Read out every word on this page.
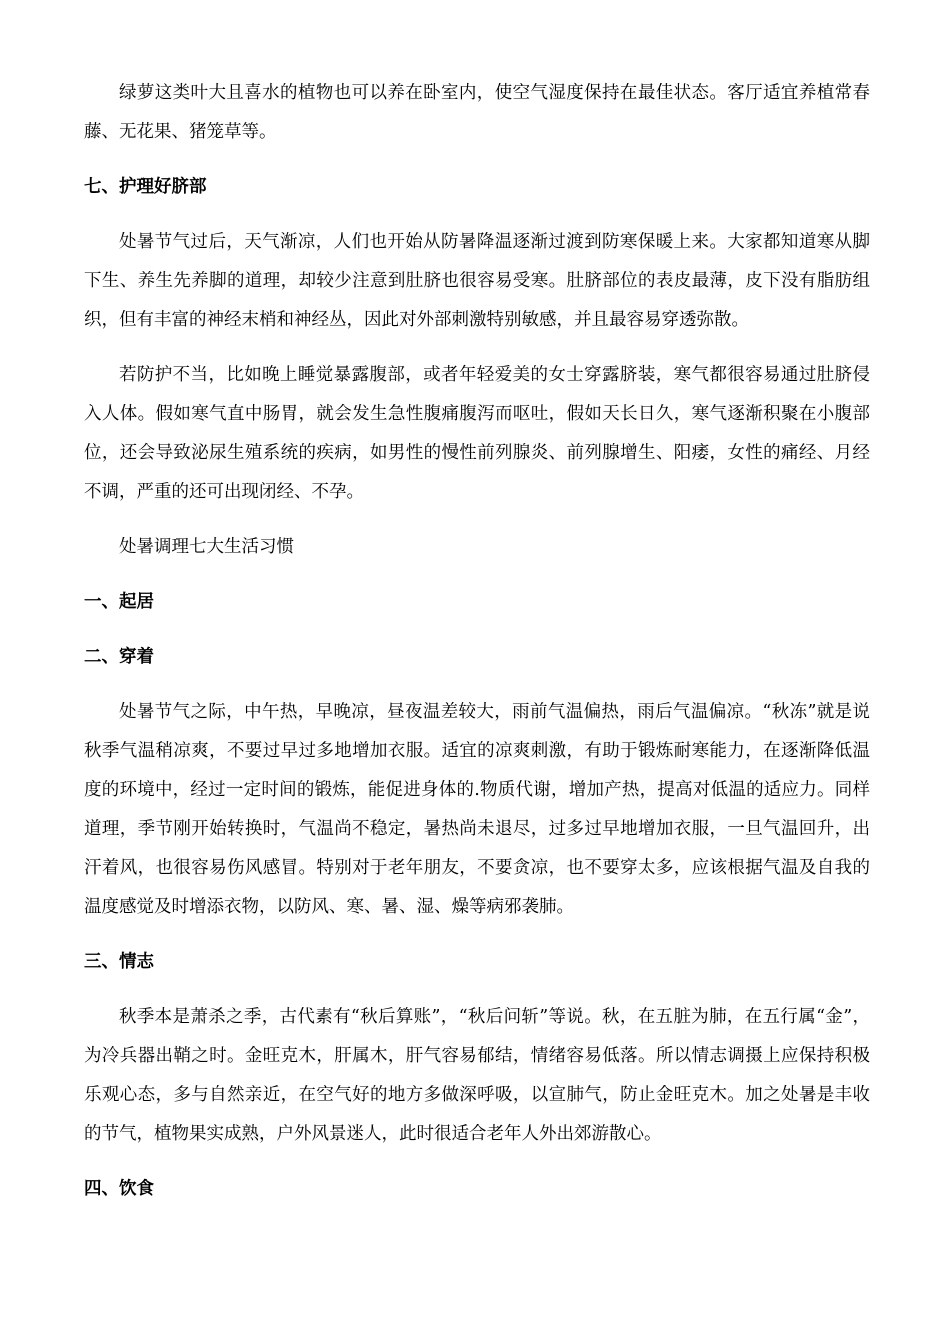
绿萝这类叶大且喜水的植物也可以养在卧室内，使空气湿度保持在最佳状态。客厅适宜养植常春藤、无花果、猪笼草等。

七、护理好脐部

处暑节气过后，天气渐凉，人们也开始从防暑降温逐渐过渡到防寒保暖上来。大家都知道寒从脚下生、养生先养脚的道理，却较少注意到肚脐也很容易受寒。肚脐部位的表皮最薄，皮下没有脂肪组织，但有丰富的神经末梢和神经丛，因此对外部刺激特别敏感，并且最容易穿透弥散。

若防护不当，比如晚上睡觉暴露腹部，或者年轻爱美的女士穿露脐装，寒气都很容易通过肚脐侵入人体。假如寒气直中肠胃，就会发生急性腹痛腹泻而呕吐，假如天长日久，寒气逐渐积聚在小腹部位，还会导致泌尿生殖系统的疾病，如男性的慢性前列腺炎、前列腺增生、阳痿，女性的痛经、月经不调，严重的还可出现闭经、不孕。

处暑调理七大生活习惯

一、起居
二、穿着

处暑节气之际，中午热，早晚凉，昼夜温差较大，雨前气温偏热，雨后气温偏凉。“秋冻”就是说秋季气温稍凉爽，不要过早过多地增加衣服。适宜的凉爽刺激，有助于锻炼耐寒能力，在逐渐降低温度的环境中，经过一定时间的锻炼，能促进身体的.物质代谢，增加产热，提高对低温的适应力。同样道理，季节刚开始转换时，气温尚不稳定，暑热尚未退尽，过多过早地增加衣服，一旦气温回升，出汗着风，也很容易伤风感冒。特别对于老年朋友，不要贪凉，也不要穿太多，应该根据气温及自我的温度感觉及时增添衣物，以防风、寒、暑、湿、燥等病邪袭肺。

三、情志

秋季本是萧杀之季，古代素有“秋后算账”，“秋后问斩”等说。秋，在五脏为肺，在五行属“金”，为冷兵器出鞘之时。金旺克木，肝属木，肝气容易郁结，情绪容易低落。所以情志调摄上应保持积极乐观心态，多与自然亲近，在空气好的地方多做深呼吸，以宣肺气，防止金旺克木。加之处暑是丰收的节气，植物果实成熟，户外风景迷人，此时很适合老年人外出郊游散心。

四、饮食
